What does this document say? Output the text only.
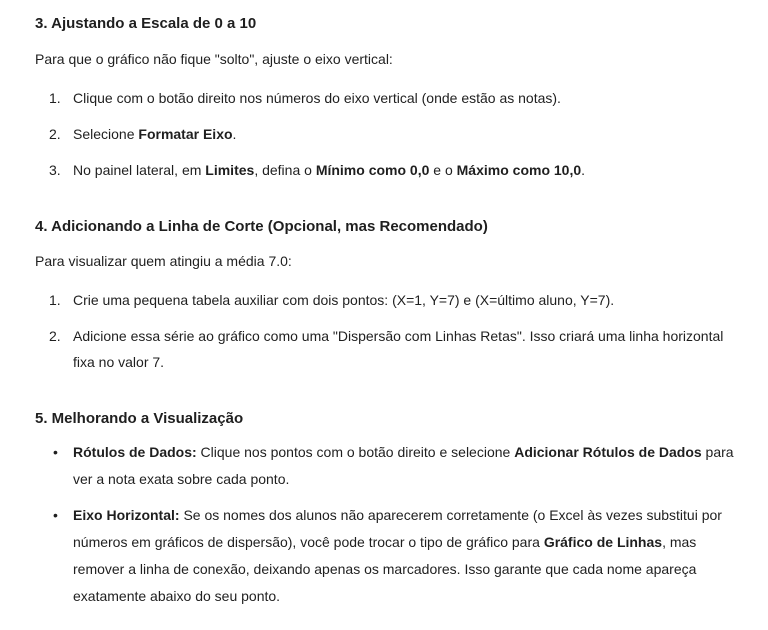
3. Ajustando a Escala de 0 a 10

Para que o gráfico não fique "solto", ajuste o eixo vertical:

1. Clique com o botão direito nos números do eixo vertical (onde estão as notas).
2. Selecione Formatar Eixo.
3. No painel lateral, em Limites, defina o Mínimo como 0,0 e o Máximo como 10,0.
4. Adicionando a Linha de Corte (Opcional, mas Recomendado)

Para visualizar quem atingiu a média 7.0:

1. Crie uma pequena tabela auxiliar com dois pontos: (X=1, Y=7) e (X=último aluno, Y=7).
2. Adicione essa série ao gráfico como uma "Dispersão com Linhas Retas". Isso criará uma linha horizontal fixa no valor 7.
5. Melhorando a Visualização
• Rótulos de Dados: Clique nos pontos com o botão direito e selecione Adicionar Rótulos de Dados para ver a nota exata sobre cada ponto.
• Eixo Horizontal: Se os nomes dos alunos não aparecerem corretamente (o Excel às vezes substitui por números em gráficos de dispersão), você pode trocar o tipo de gráfico para Gráfico de Linhas, mas remover a linha de conexão, deixando apenas os marcadores. Isso garante que cada nome apareça exatamente abaixo do seu ponto.
